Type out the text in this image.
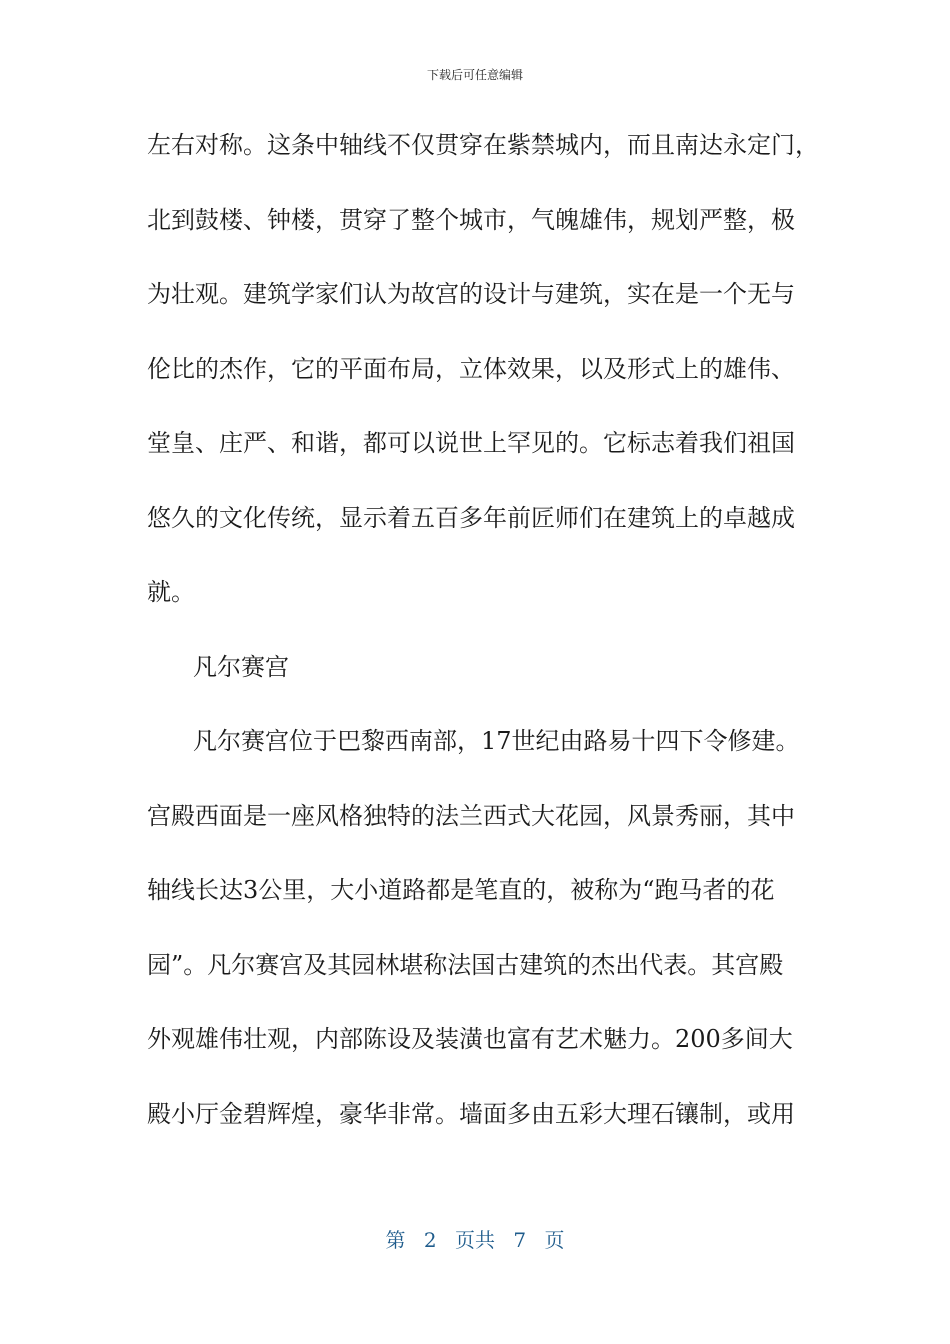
下载后可任意编辑
左右对称。这条中轴线不仅贯穿在紫禁城内，而且南达永定门，
北到鼓楼、钟楼，贯穿了整个城市，气魄雄伟，规划严整，极
为壮观。建筑学家们认为故宫的设计与建筑，实在是一个无与
伦比的杰作，它的平面布局，立体效果，以及形式上的雄伟、
堂皇、庄严、和谐，都可以说世上罕见的。它标志着我们祖国
悠久的文化传统，显示着五百多年前匠师们在建筑上的卓越成
就。
凡尔赛宫
凡尔赛宫位于巴黎西南部，17世纪由路易十四下令修建。
宫殿西面是一座风格独特的法兰西式大花园，风景秀丽，其中
轴线长达3公里，大小道路都是笔直的，被称为“跑马者的花
园”。凡尔赛宫及其园林堪称法国古建筑的杰出代表。其宫殿
外观雄伟壮观，内部陈设及装潢也富有艺术魅力。200多间大
殿小厅金碧辉煌，豪华非常。墙面多由五彩大理石镶制，或用
第 2 页共 7 页
